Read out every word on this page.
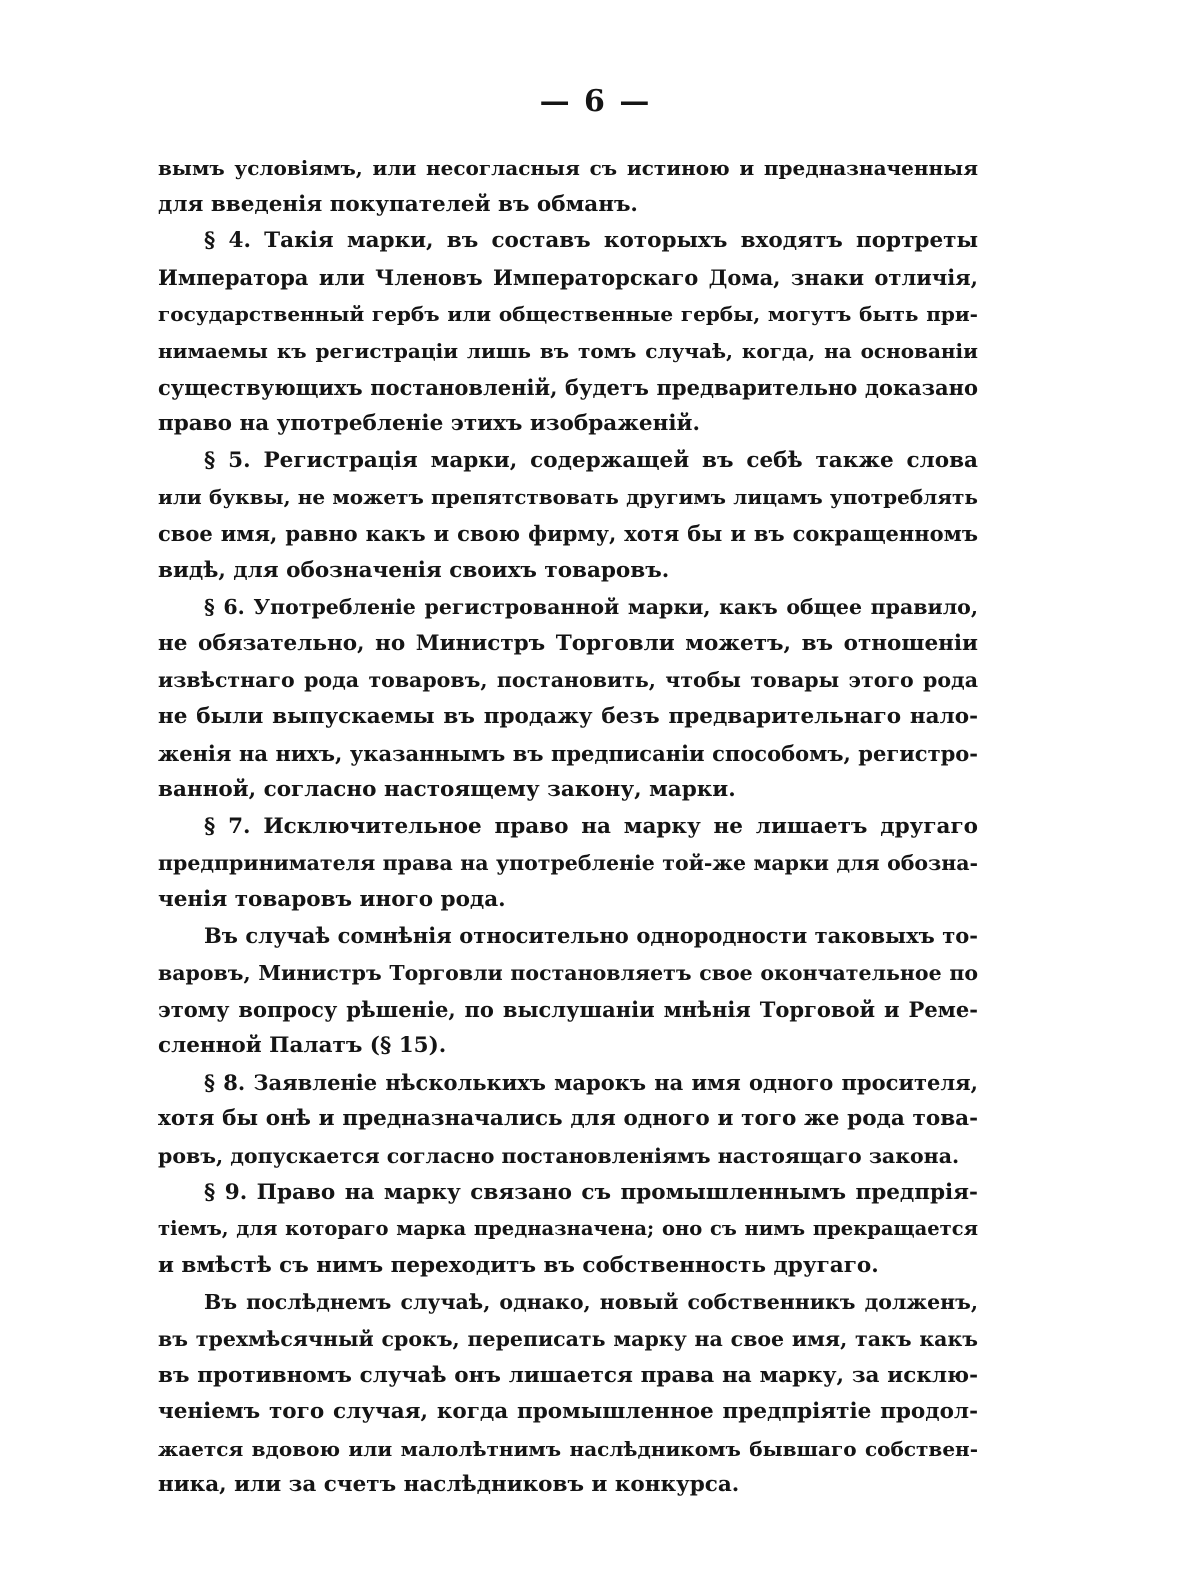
— 6 —
вымъ условіямъ, или несогласныя съ истиною и предназначенныя
для введенія покупателей въ обманъ.
§ 4. Такія марки, въ составъ которыхъ входятъ портреты
Императора или Членовъ Императорскаго Дома, знаки отличія,
государственный гербъ или общественные гербы, могутъ быть при-
нимаемы къ регистраціи лишь въ томъ случаѣ, когда, на основаніи
существующихъ постановленій, будетъ предварительно доказано
право на употребленіе этихъ изображеній.
§ 5. Регистрація марки, содержащей въ себѣ также слова
или буквы, не можетъ препятствовать другимъ лицамъ употреблять
свое имя, равно какъ и свою фирму, хотя бы и въ сокращенномъ
видѣ, для обозначенія своихъ товаровъ.
§ 6. Употребленіе регистрованной марки, какъ общее правило,
не обязательно, но Министръ Торговли можетъ, въ отношеніи
извѣстнаго рода товаровъ, постановить, чтобы товары этого рода
не были выпускаемы въ продажу безъ предварительнаго нало-
женія на нихъ, указаннымъ въ предписаніи способомъ, регистро-
ванной, согласно настоящему закону, марки.
§ 7. Исключительное право на марку не лишаетъ другаго
предпринимателя права на употребленіе той-же марки для обозна-
ченія товаровъ иного рода.
Въ случаѣ сомнѣнія относительно однородности таковыхъ то-
варовъ, Министръ Торговли постановляетъ свое окончательное по
этому вопросу рѣшеніе, по выслушаніи мнѣнія Торговой и Реме-
сленной Палатъ (§ 15).
§ 8. Заявленіе нѣсколькихъ марокъ на имя одного просителя,
хотя бы онѣ и предназначались для одного и того же рода това-
ровъ, допускается согласно постановленіямъ настоящаго закона.
§ 9. Право на марку связано съ промышленнымъ предпрія-
тіемъ, для котораго марка предназначена; оно съ нимъ прекращается
и вмѣстѣ съ нимъ переходитъ въ собственность другаго.
Въ послѣднемъ случаѣ, однако, новый собственникъ долженъ,
въ трехмѣсячный срокъ, переписать марку на свое имя, такъ какъ
въ противномъ случаѣ онъ лишается права на марку, за исклю-
ченіемъ того случая, когда промышленное предпріятіе продол-
жается вдовою или малолѣтнимъ наслѣдникомъ бывшаго собствен-
ника, или за счетъ наслѣдниковъ и конкурса.
